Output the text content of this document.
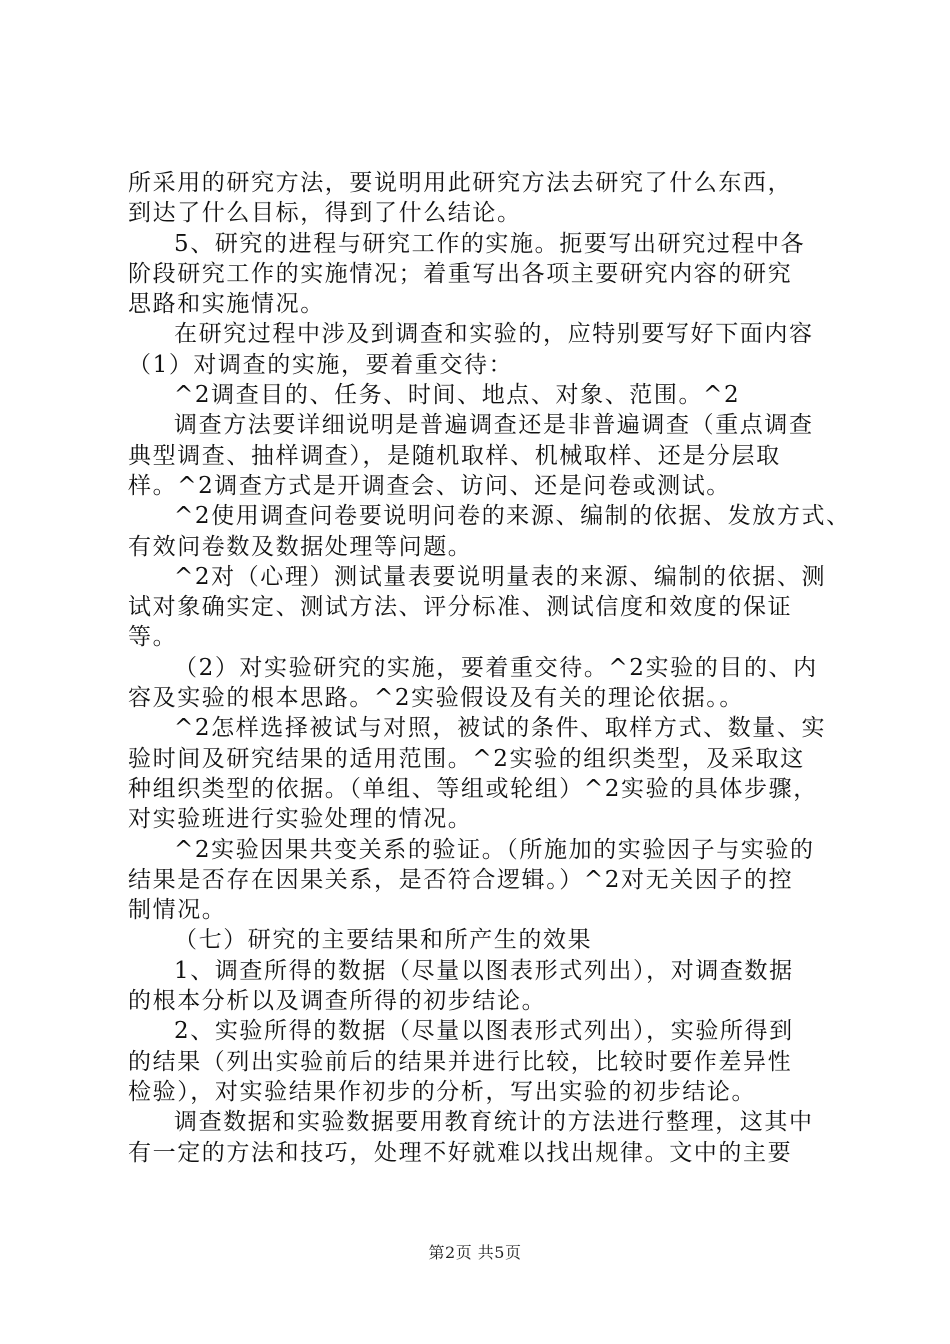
所采用的研究方法，要说明用此研究方法去研究了什么东西，
到达了什么目标，得到了什么结论。
5、研究的进程与研究工作的实施。扼要写出研究过程中各
阶段研究工作的实施情况；着重写出各项主要研究内容的研究
思路和实施情况。
在研究过程中涉及到调查和实验的，应特别要写好下面内容
（1）对调查的实施，要着重交待：
^2调查目的、任务、时间、地点、对象、范围。^2
调查方法要详细说明是普遍调查还是非普遍调查（重点调查
典型调查、抽样调查），是随机取样、机械取样、还是分层取
样。^2调查方式是开调查会、访问、还是问卷或测试。
^2使用调查问卷要说明问卷的来源、编制的依据、发放方式、
有效问卷数及数据处理等问题。
^2对（心理）测试量表要说明量表的来源、编制的依据、测
试对象确实定、测试方法、评分标准、测试信度和效度的保证
等。
（2）对实验研究的实施，要着重交待。^2实验的目的、内
容及实验的根本思路。^2实验假设及有关的理论依据。。
^2怎样选择被试与对照，被试的条件、取样方式、数量、实
验时间及研究结果的适用范围。^2实验的组织类型，及采取这
种组织类型的依据。（单组、等组或轮组）^2实验的具体步骤，
对实验班进行实验处理的情况。
^2实验因果共变关系的验证。（所施加的实验因子与实验的
结果是否存在因果关系，是否符合逻辑。）^2对无关因子的控
制情况。
（七）研究的主要结果和所产生的效果
1、调查所得的数据（尽量以图表形式列出），对调查数据
的根本分析以及调查所得的初步结论。
2、实验所得的数据（尽量以图表形式列出），实验所得到
的结果（列出实验前后的结果并进行比较，比较时要作差异性
检验），对实验结果作初步的分析，写出实验的初步结论。
调查数据和实验数据要用教育统计的方法进行整理，这其中
有一定的方法和技巧，处理不好就难以找出规律。文中的主要
第2页 共5页
